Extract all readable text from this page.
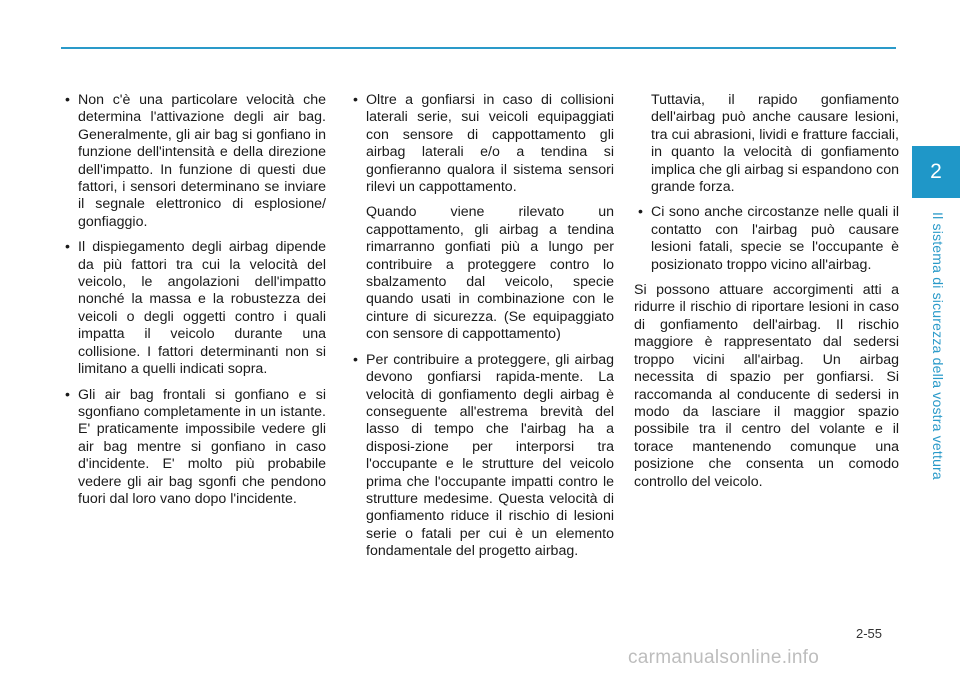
2
Il sistema di sicurezza della vostra vettura
• Non c'è una particolare velocità che determina l'attivazione degli air bag. Generalmente, gli air bag si gonfiano in funzione dell'intensità e della direzione dell'impatto. In funzione di questi due fattori, i sensori determinano se inviare il segnale elettronico di esplosione/ gonfiaggio.
• Il dispiegamento degli airbag dipende da più fattori tra cui la velocità del veicolo, le angolazioni dell'impatto nonché la massa e la robustezza dei veicoli o degli oggetti contro i quali impatta il veicolo durante una collisione. I fattori determinanti non si limitano a quelli indicati sopra.
• Gli air bag frontali si gonfiano e si sgonfiano completamente in un istante. E' praticamente impossibile vedere gli air bag mentre si gonfiano in caso d'incidente. E' molto più probabile vedere gli air bag sgonfi che pendono fuori dal loro vano dopo l'incidente.

• Oltre a gonfiarsi in caso di collisioni laterali serie, sui veicoli equipaggiati con sensore di cappottamento gli airbag laterali e/o a tendina si gonfieranno qualora il sistema sensori rilevi un cappottamento.

Quando viene rilevato un cappottamento, gli airbag a tendina rimarranno gonfiati più a lungo per contribuire a proteggere contro lo sbalzamento dal veicolo, specie quando usati in combinazione con le cinture di sicurezza. (Se equipaggiato con sensore di cappottamento)

• Per contribuire a proteggere, gli airbag devono gonfiarsi rapida-mente. La velocità di gonfiamento degli airbag è conseguente all'estrema brevità del lasso di tempo che l'airbag ha a disposi-zione per interporsi tra l'occupante e le strutture del veicolo prima che l'occupante impatti contro le strutture medesime. Questa velocità di gonfiamento riduce il rischio di lesioni serie o fatali per cui è un elemento fondamentale del progetto airbag.

Tuttavia, il rapido gonfiamento dell'airbag può anche causare lesioni, tra cui abrasioni, lividi e fratture facciali, in quanto la velocità di gonfiamento implica che gli airbag si espandono con grande forza.

• Ci sono anche circostanze nelle quali il contatto con l'airbag può causare lesioni fatali, specie se l'occupante è posizionato troppo vicino all'airbag.

Si possono attuare accorgimenti atti a ridurre il rischio di riportare lesioni in caso di gonfiamento dell'airbag. Il rischio maggiore è rappresentato dal sedersi troppo vicini all'airbag. Un airbag necessita di spazio per gonfiarsi. Si raccomanda al conducente di sedersi in modo da lasciare il maggior spazio possibile tra il centro del volante e il torace mantenendo comunque una posizione che consenta un comodo controllo del veicolo.

2-55
carmanualsonline.info
